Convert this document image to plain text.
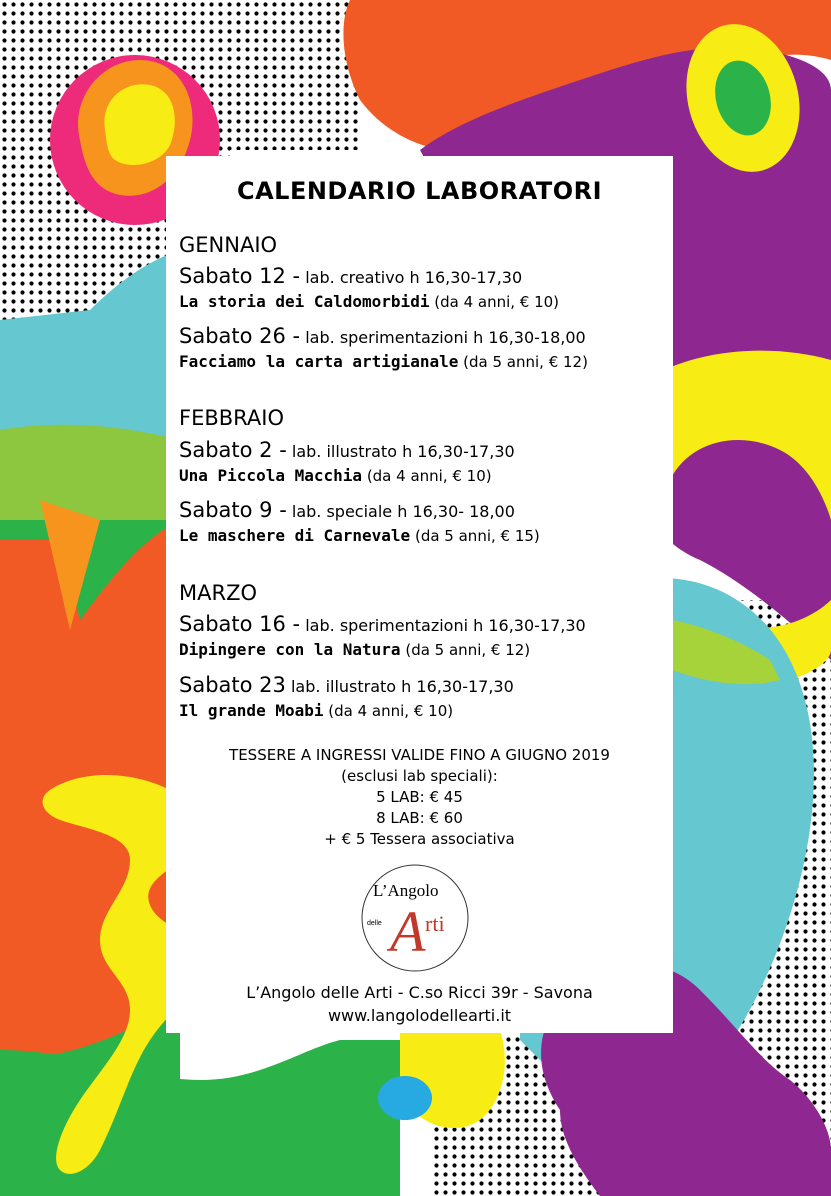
CALENDARIO LABORATORI
GENNAIO
Sabato 12 - lab. creativo h 16,30-17,30
La storia dei Caldomorbidi (da 4 anni, € 10)
Sabato 26 - lab. sperimentazioni h 16,30-18,00
Facciamo la carta artigianale (da 5 anni, € 12)
FEBBRAIO
Sabato 2 - lab. illustrato h 16,30-17,30
Una Piccola Macchia (da 4 anni, € 10)
Sabato 9 - lab. speciale h 16,30- 18,00
Le maschere di Carnevale (da 5 anni, € 15)
MARZO
Sabato 16 - lab. sperimentazioni h 16,30-17,30
Dipingere con la Natura (da 5 anni, € 12)
Sabato 23 lab. illustrato h 16,30-17,30
Il grande Moabi (da 4 anni, € 10)
TESSERE A INGRESSI VALIDE FINO A GIUGNO 2019
(esclusi lab speciali):
5 LAB: € 45
8 LAB: € 60
+ € 5 Tessera associativa
L’Angolo
delle A rti
L’Angolo delle Arti - C.so Ricci 39r - Savona
www.langolodellearti.it
